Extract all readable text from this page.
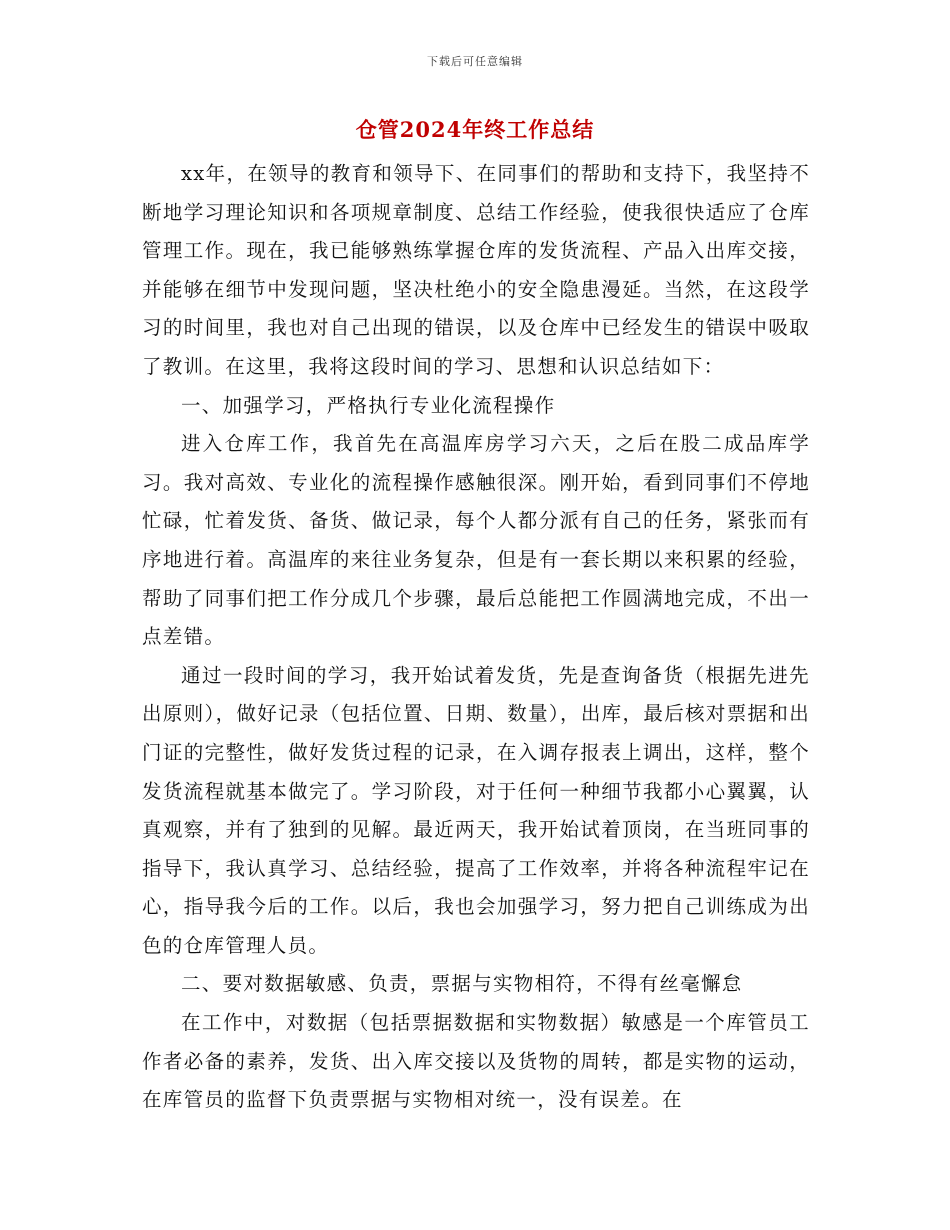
下载后可任意编辑
仓管2024年终工作总结

xx年，在领导的教育和领导下、在同事们的帮助和支持下，我坚持不断地学习理论知识和各项规章制度、总结工作经验，使我很快适应了仓库管理工作。现在，我已能够熟练掌握仓库的发货流程、产品入出库交接，并能够在细节中发现问题，坚决杜绝小的安全隐患漫延。当然，在这段学习的时间里，我也对自己出现的错误，以及仓库中已经发生的错误中吸取了教训。在这里，我将这段时间的学习、思想和认识总结如下：

一、加强学习，严格执行专业化流程操作

进入仓库工作，我首先在高温库房学习六天，之后在股二成品库学习。我对高效、专业化的流程操作感触很深。刚开始，看到同事们不停地忙碌，忙着发货、备货、做记录，每个人都分派有自己的任务，紧张而有序地进行着。高温库的来往业务复杂，但是有一套长期以来积累的经验，帮助了同事们把工作分成几个步骤，最后总能把工作圆满地完成，不出一点差错。

通过一段时间的学习，我开始试着发货，先是查询备货（根据先进先出原则），做好记录（包括位置、日期、数量），出库，最后核对票据和出门证的完整性，做好发货过程的记录，在入调存报表上调出，这样，整个发货流程就基本做完了。学习阶段，对于任何一种细节我都小心翼翼，认真观察，并有了独到的见解。最近两天，我开始试着顶岗，在当班同事的指导下，我认真学习、总结经验，提高了工作效率，并将各种流程牢记在心，指导我今后的工作。以后，我也会加强学习，努力把自己训练成为出色的仓库管理人员。

二、要对数据敏感、负责，票据与实物相符，不得有丝毫懈怠

在工作中，对数据（包括票据数据和实物数据）敏感是一个库管员工作者必备的素养，发货、出入库交接以及货物的周转，都是实物的运动，在库管员的监督下负责票据与实物相对统一，没有误差。在
